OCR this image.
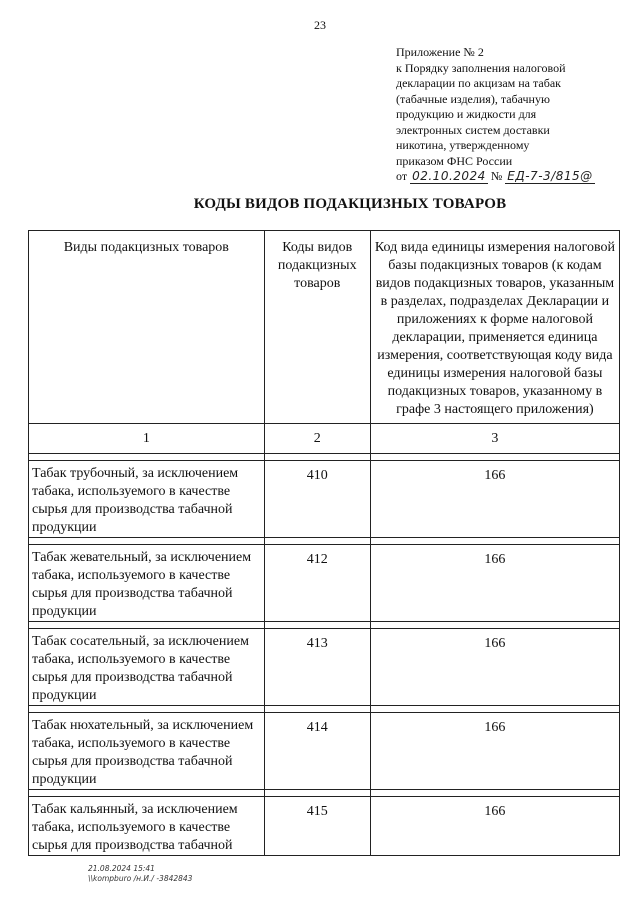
23
Приложение № 2
к Порядку заполнения налоговой
декларации по акцизам на табак
(табачные изделия), табачную
продукцию и жидкости для
электронных систем доставки
никотина, утвержденному
приказом ФНС России
от 02.10.2024 № ЕД-7-3/815@
КОДЫ ВИДОВ ПОДАКЦИЗНЫХ ТОВАРОВ
Виды подакцизных товаров	Коды видов подакцизных товаров	Код вида единицы измерения налоговой базы подакцизных товаров (к кодам видов подакцизных товаров, указанным в разделах, подразделах Декларации и приложениях к форме налоговой декларации, применяется единица измерения, соответствующая коду вида единицы измерения налоговой базы подакцизных товаров, указанному в графе 3 настоящего приложения)
1	2	3

Табак трубочный, за исключением табака, используемого в качестве сырья для производства табачной продукции	410	166

Табак жевательный, за исключением табака, используемого в качестве сырья для производства табачной продукции	412	166

Табак сосательный, за исключением табака, используемого в качестве сырья для производства табачной продукции	413	166

Табак нюхательный, за исключением табака, используемого в качестве сырья для производства табачной продукции	414	166

Табак кальянный, за исключением табака, используемого в качестве сырья для производства табачной	415	166
21.08.2024 15:41
\\kompburo /н.И./ -3842843
